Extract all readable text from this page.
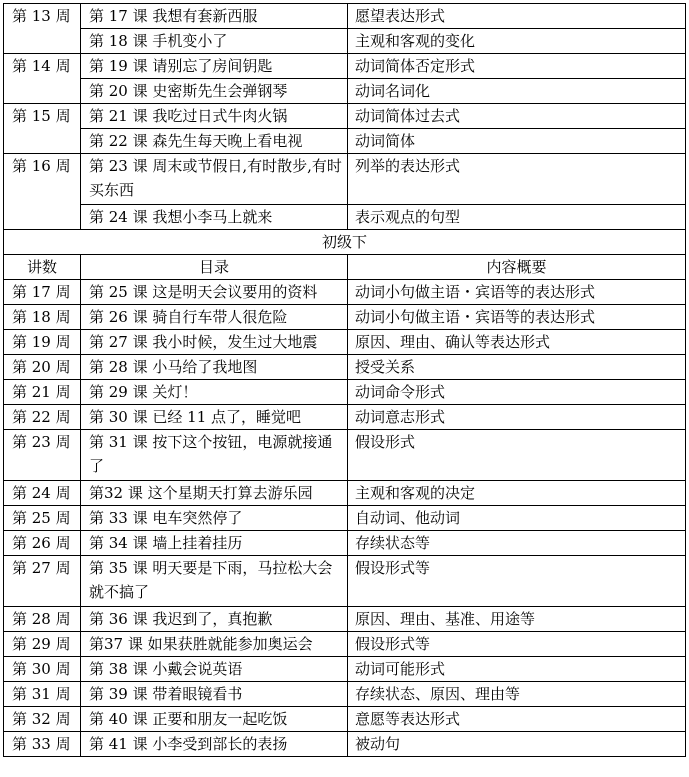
第 13 周	第 17 课 我想有套新西服	愿望表达形式
	第 18 课 手机变小了	主观和客观的变化
第 14 周	第 19 课 请别忘了房间钥匙	动词简体否定形式
	第 20 课 史密斯先生会弹钢琴	动词名词化
第 15 周	第 21 课 我吃过日式牛肉火锅	动词简体过去式
	第 22 课 森先生每天晚上看电视	动词简体
第 16 周	第 23 课 周末或节假日,有时散步,有时买东西	列举的表达形式
	第 24 课 我想小李马上就来	表示观点的句型
初级下		
讲数	目录	内容概要
第 17 周	第 25 课 这是明天会议要用的资料	动词小句做主语・宾语等的表达形式
第 18 周	第 26 课 骑自行车带人很危险	动词小句做主语・宾语等的表达形式
第 19 周	第 27 课 我小时候，发生过大地震	原因、理由、确认等表达形式
第 20 周	第 28 课 小马给了我地图	授受关系
第 21 周	第 29 课 关灯！	动词命令形式
第 22 周	第 30 课 已经 11 点了，睡觉吧	动词意志形式
第 23 周	第 31 课 按下这个按钮，电源就接通了	假设形式
第 24 周	第32 课 这个星期天打算去游乐园	主观和客观的决定
第 25 周	第 33 课 电车突然停了	自动词、他动词
第 26 周	第 34 课 墙上挂着挂历	存续状态等
第 27 周	第 35 课 明天要是下雨，马拉松大会就不搞了	假设形式等
第 28 周	第 36 课 我迟到了，真抱歉	原因、理由、基准、用途等
第 29 周	第37 课 如果获胜就能参加奥运会	假设形式等
第 30 周	第 38 课 小戴会说英语	动词可能形式
第 31 周	第 39 课 带着眼镜看书	存续状态、原因、理由等
第 32 周	第 40 课 正要和朋友一起吃饭	意愿等表达形式
第 33 周	第 41 课 小李受到部长的表扬	被动句
